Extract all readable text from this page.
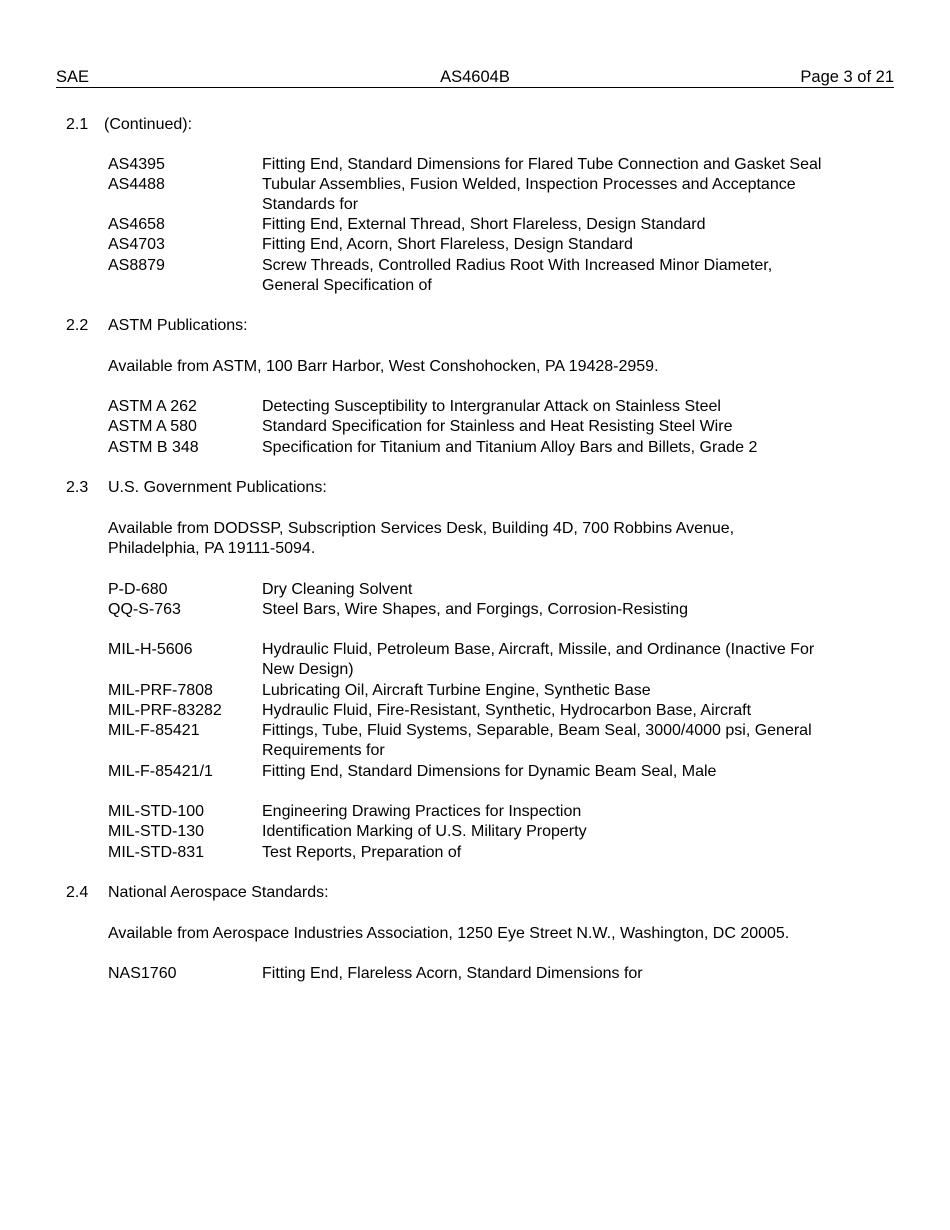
SAE	AS4604B	Page 3 of 21
2.1 (Continued):
AS4395	Fitting End, Standard Dimensions for Flared Tube Connection and Gasket Seal
AS4488	Tubular Assemblies, Fusion Welded, Inspection Processes and Acceptance
Standards for
AS4658	Fitting End, External Thread, Short Flareless, Design Standard
AS4703	Fitting End, Acorn, Short Flareless, Design Standard
AS8879	Screw Threads, Controlled Radius Root With Increased Minor Diameter,
General Specification of
2.2 ASTM Publications:
Available from ASTM, 100 Barr Harbor, West Conshohocken, PA 19428-2959.
ASTM A 262	Detecting Susceptibility to Intergranular Attack on Stainless Steel
ASTM A 580	Standard Specification for Stainless and Heat Resisting Steel Wire
ASTM B 348	Specification for Titanium and Titanium Alloy Bars and Billets, Grade 2
2.3 U.S. Government Publications:
Available from DODSSP, Subscription Services Desk, Building 4D, 700 Robbins Avenue,
Philadelphia, PA 19111-5094.
P-D-680	Dry Cleaning Solvent
QQ-S-763	Steel Bars, Wire Shapes, and Forgings, Corrosion-Resisting
MIL-H-5606	Hydraulic Fluid, Petroleum Base, Aircraft, Missile, and Ordinance (Inactive For
New Design)
MIL-PRF-7808	Lubricating Oil, Aircraft Turbine Engine, Synthetic Base
MIL-PRF-83282	Hydraulic Fluid, Fire-Resistant, Synthetic, Hydrocarbon Base, Aircraft
MIL-F-85421	Fittings, Tube, Fluid Systems, Separable, Beam Seal, 3000/4000 psi, General
Requirements for
MIL-F-85421/1	Fitting End, Standard Dimensions for Dynamic Beam Seal, Male
MIL-STD-100	Engineering Drawing Practices for Inspection
MIL-STD-130	Identification Marking of U.S. Military Property
MIL-STD-831	Test Reports, Preparation of
2.4 National Aerospace Standards:
Available from Aerospace Industries Association, 1250 Eye Street N.W., Washington, DC 20005.
NAS1760	Fitting End, Flareless Acorn, Standard Dimensions for
